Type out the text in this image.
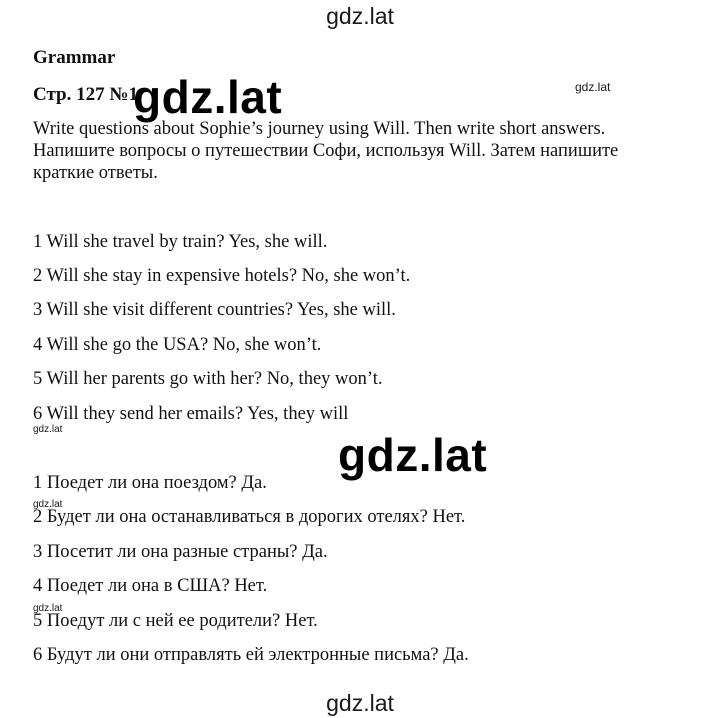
gdz.lat
Grammar
Стр. 127 №1
gdz.lat	gdz.lat
Write questions about Sophie’s journey using Will. Then write short answers.
Напишите вопросы о путешествии Софи, используя Will. Затем напишите
краткие ответы.
1 Will she travel by train? Yes, she will.
2 Will she stay in expensive hotels? No, she won’t.
3 Will she visit different countries? Yes, she will.
4 Will she go the USA? No, she won’t.
5 Will her parents go with her? No, they won’t.
6 Will they send her emails? Yes, they will
gdz.lat	gdz.lat
1 Поедет ли она поездом? Да.
gdz.lat
2 Будет ли она останавливаться в дорогих отелях? Нет.
3 Посетит ли она разные страны? Да.
4 Поедет ли она в США? Нет.
gdz.lat
5 Поедут ли с ней ее родители? Нет.
6 Будут ли они отправлять ей электронные письма? Да.
gdz.lat
